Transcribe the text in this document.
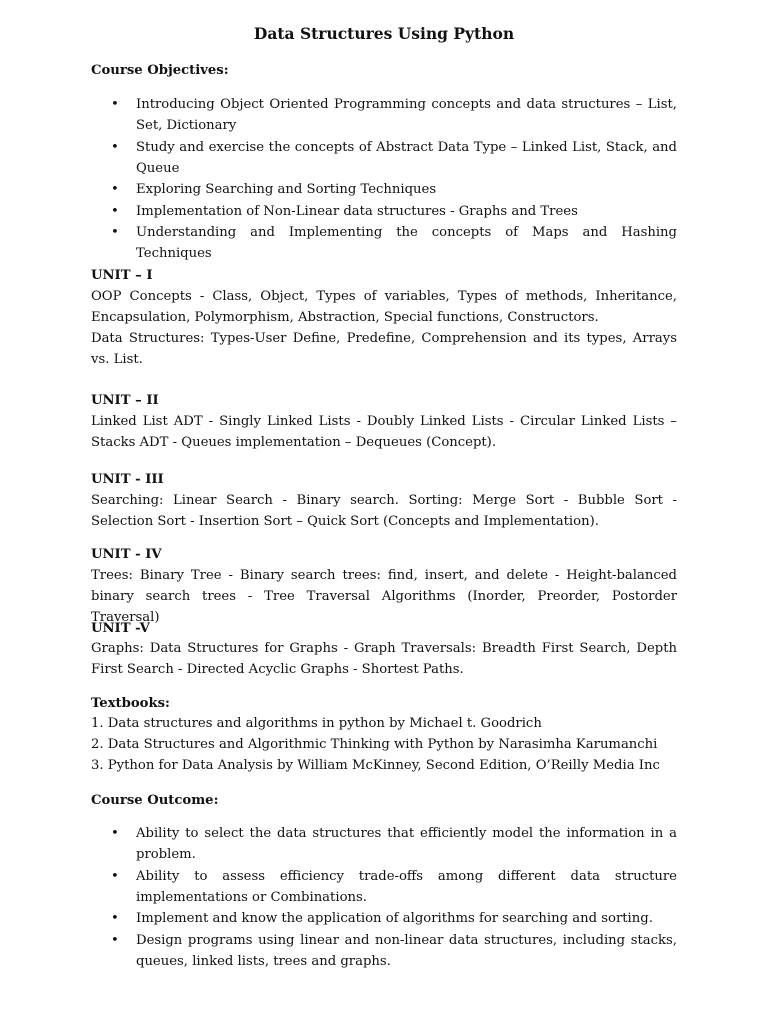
Data Structures Using Python
Course Objectives:
• Introducing Object Oriented Programming concepts and data structures – List, Set, Dictionary
• Study and exercise the concepts of Abstract Data Type – Linked List, Stack, and Queue
• Exploring Searching and Sorting Techniques
• Implementation of Non-Linear data structures - Graphs and Trees
• Understanding and Implementing the concepts of Maps and Hashing Techniques
UNIT – I
OOP Concepts - Class, Object, Types of variables, Types of methods, Inheritance, Encapsulation, Polymorphism, Abstraction, Special functions, Constructors.
Data Structures: Types-User Define, Predefine, Comprehension and its types, Arrays vs. List.
UNIT – II
Linked List ADT - Singly Linked Lists - Doubly Linked Lists - Circular Linked Lists – Stacks ADT - Queues implementation – Dequeues (Concept).
UNIT - III
Searching: Linear Search - Binary search. Sorting: Merge Sort - Bubble Sort - Selection Sort - Insertion Sort – Quick Sort (Concepts and Implementation).
UNIT - IV
Trees: Binary Tree - Binary search trees: find, insert, and delete - Height-balanced binary search trees - Tree Traversal Algorithms (Inorder, Preorder, Postorder Traversal)
UNIT -V
Graphs: Data Structures for Graphs - Graph Traversals: Breadth First Search, Depth First Search - Directed Acyclic Graphs - Shortest Paths.
Textbooks:
1. Data structures and algorithms in python by Michael t. Goodrich
2. Data Structures and Algorithmic Thinking with Python by Narasimha Karumanchi
3. Python for Data Analysis by William McKinney, Second Edition, O’Reilly Media Inc
Course Outcome:
• Ability to select the data structures that efficiently model the information in a problem.
• Ability to assess efficiency trade-offs among different data structure implementations or Combinations.
• Implement and know the application of algorithms for searching and sorting.
• Design programs using linear and non-linear data structures, including stacks, queues, linked lists, trees and graphs.
